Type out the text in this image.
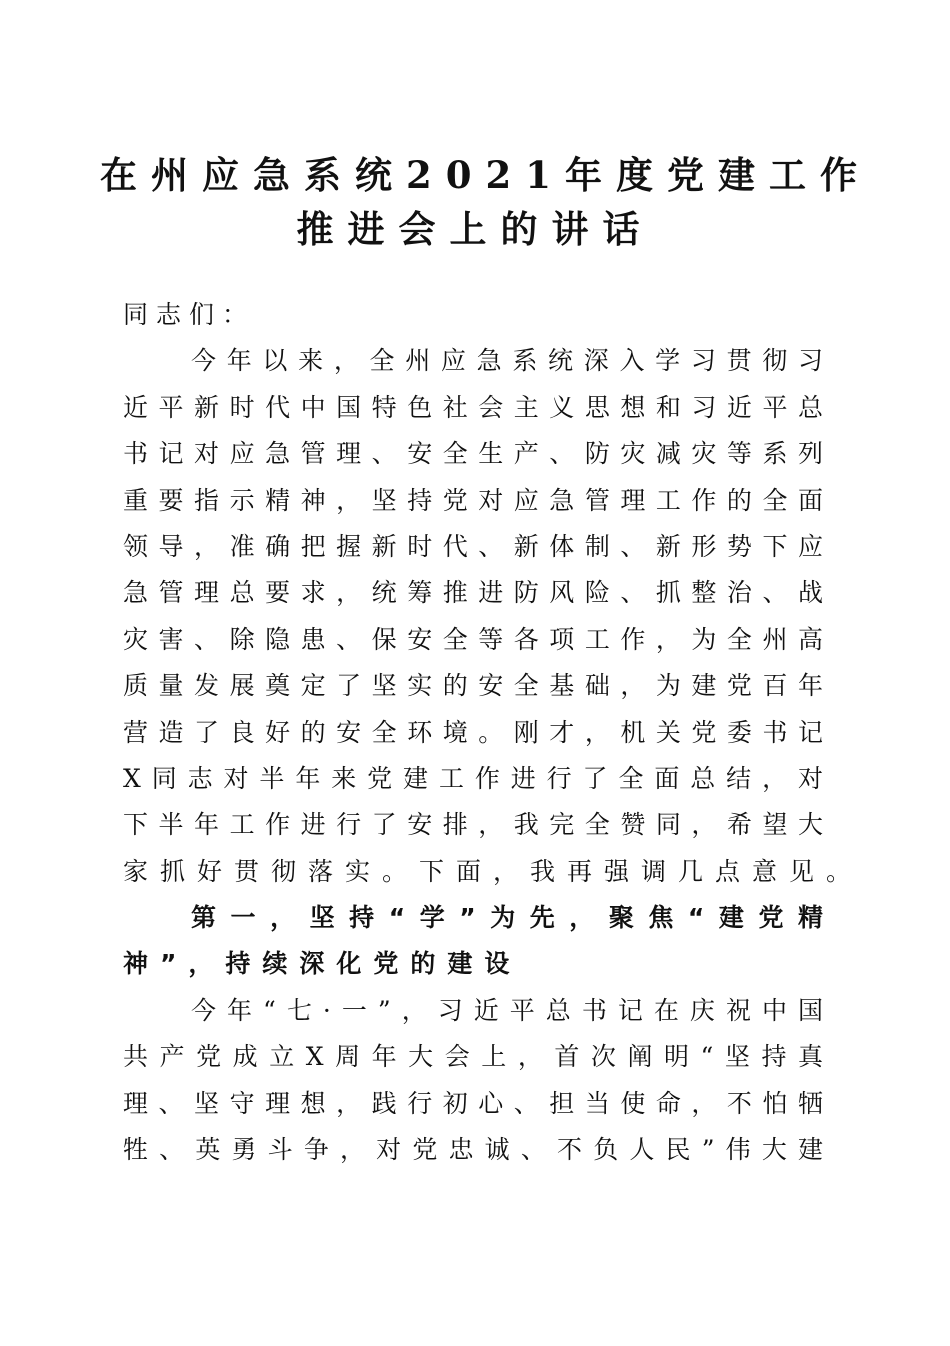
在州应急系统2021年度党建工作

推进会上的讲话

同志们：

今年以来，全州应急系统深入学习贯彻习

近平新时代中国特色社会主义思想和习近平总

书记对应急管理、安全生产、防灾减灾等系列

重要指示精神，坚持党对应急管理工作的全面

领导，准确把握新时代、新体制、新形势下应

急管理总要求，统筹推进防风险、抓整治、战

灾害、除隐患、保安全等各项工作，为全州高

质量发展奠定了坚实的安全基础，为建党百年

营造了良好的安全环境。刚才，机关党委书记

X同志对半年来党建工作进行了全面总结，对

下半年工作进行了安排，我完全赞同，希望大

家抓好贯彻落实。下面，我再强调几点意见。

第一，坚持“学”为先，聚焦“建党精

神”，持续深化党的建设

今年“七·一”，习近平总书记在庆祝中国

共产党成立X周年大会上，首次阐明“坚持真

理、坚守理想，践行初心、担当使命，不怕牺

牲、英勇斗争，对党忠诚、不负人民”伟大建
